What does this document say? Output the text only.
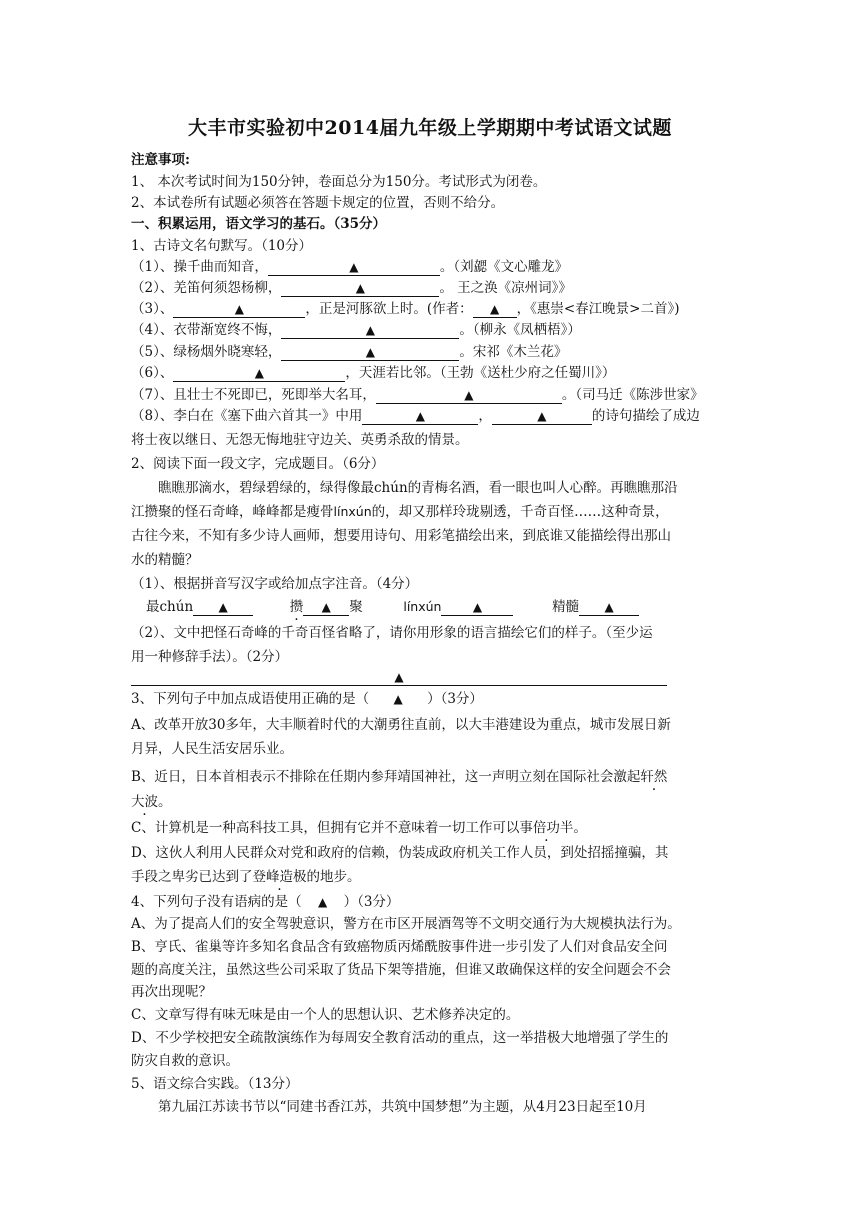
大丰市实验初中2014届九年级上学期期中考试语文试题
注意事项:
1、 本次考试时间为150分钟，卷面总分为150分。考试形式为闭卷。
2、本试卷所有试题必须答在答题卡规定的位置，否则不给分。
一、积累运用，语文学习的基石。（35分）
1、古诗文名句默写。（10分）
（1）、操千曲而知音，	▲	。（刘勰《文心雕龙》
（2）、羌笛何须怨杨柳，	▲	。 王之涣《凉州词》》
（3）、	▲	，正是河豚欲上时。(作者： ▲ ，《惠崇<春江晚景>二首》)
（4）、衣带渐宽终不悔，	▲	。（柳永《凤栖梧》）
（5）、绿杨烟外晓寒轻，	▲	。宋祁《木兰花》
（6）、	▲	，天涯若比邻。（王勃《送杜少府之任蜀川》）
（7）、且壮士不死即已，死即举大名耳，	▲	。（司马迁《陈涉世家》
（8）、李白在《塞下曲六首其一》中用	▲	，	▲	的诗句描绘了成边
将士夜以继日、无怨无悔地驻守边关、英勇杀敌的情景。
2、阅读下面一段文字，完成题目。（6分）
瞧瞧那滴水，碧绿碧绿的，绿得像最chún的青梅名酒，看一眼也叫人心醉。再瞧瞧那沿
江攒聚的怪石奇峰，峰峰都是瘦骨línxún的，却又那样玲珑剔透，千奇百怪……这种奇景，
古往今来，不知有多少诗人画师，想要用诗句、用彩笔描绘出来，到底谁又能描绘得出那山
水的精髓？
（1）、根据拼音写汉字或给加点字注音。（4分）
最chún ▲	攒 ▲ 聚	línxún	▲	精髓 ▲
（2）、文中把怪石奇峰的千奇百怪省略了，请你用形象的语言描绘它们的样子。（至少运
用一种修辞手法）。（2分）
▲
3、下列句子中加点成语使用正确的是（ ▲ ）（3分）
A、改革开放30多年，大丰顺着时代的大潮勇往直前，以大丰港建设为重点，城市发展日新
月异，人民生活安居乐业。
B、近日，日本首相表示不排除在任期内参拜靖国神社，这一声明立刻在国际社会激起轩然
大波。
C、计算机是一种高科技工具，但拥有它并不意味着一切工作可以事倍功半。
D、这伙人利用人民群众对党和政府的信赖，伪装成政府机关工作人员，到处招摇撞骗，其
手段之卑劣已达到了登峰造极的地步。
4、下列句子没有语病的是（ ▲ ）（3分）
A、为了提高人们的安全驾驶意识，警方在市区开展酒驾等不文明交通行为大规模执法行为。
B、亨氏、雀巢等许多知名食品含有致癌物质丙烯酰胺事件进一步引发了人们对食品安全问
题的高度关注，虽然这些公司采取了货品下架等措施，但谁又敢确保这样的安全问题会不会
再次出现呢？
C、文章写得有味无味是由一个人的思想认识、艺术修养决定的。
D、不少学校把安全疏散演练作为每周安全教育活动的重点，这一举措极大地增强了学生的
防灾自救的意识。
5、语文综合实践。（13分）
第九届江苏读书节以“同建书香江苏，共筑中国梦想”为主题，从4月23日起至10月
